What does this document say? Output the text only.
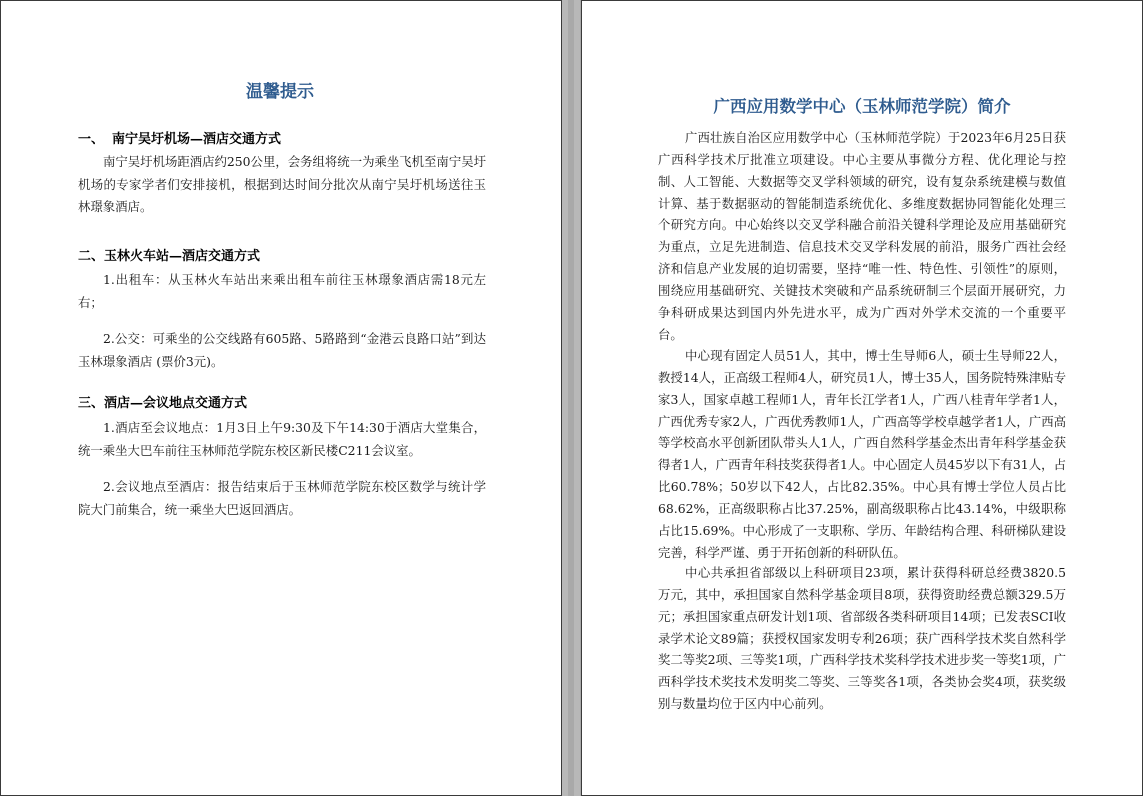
温馨提示
一、 南宁吴圩机场—酒店交通方式

南宁吴圩机场距酒店约250公里，会务组将统一为乘坐飞机至南宁吴圩机场的专家学者们安排接机，根据到达时间分批次从南宁吴圩机场送往玉林璟象酒店。

二、玉林火车站—酒店交通方式

1.出租车：从玉林火车站出来乘出租车前往玉林璟象酒店需18元左右；

2.公交：可乘坐的公交线路有605路、5路路到“金港云良路口站”到达玉林璟象酒店 (票价3元)。

三、酒店—会议地点交通方式

1.酒店至会议地点：1月3日上午9:30及下午14:30于酒店大堂集合，统一乘坐大巴车前往玉林师范学院东校区新民楼C211会议室。

2.会议地点至酒店：报告结束后于玉林师范学院东校区数学与统计学院大门前集合，统一乘坐大巴返回酒店。

广西应用数学中心（玉林师范学院）简介

广西壮族自治区应用数学中心（玉林师范学院）于2023年6月25日获广西科学技术厅批准立项建设。中心主要从事微分方程、优化理论与控制、人工智能、大数据等交叉学科领域的研究，设有复杂系统建模与数值计算、基于数据驱动的智能制造系统优化、多维度数据协同智能化处理三个研究方向。中心始终以交叉学科融合前沿关键科学理论及应用基础研究为重点，立足先进制造、信息技术交叉学科发展的前沿，服务广西社会经济和信息产业发展的迫切需要，坚持“唯一性、特色性、引领性”的原则，围绕应用基础研究、关键技术突破和产品系统研制三个层面开展研究，力争科研成果达到国内外先进水平，成为广西对外学术交流的一个重要平台。

中心现有固定人员51人，其中，博士生导师6人，硕士生导师22人，教授14人，正高级工程师4人，研究员1人，博士35人，国务院特殊津贴专家3人，国家卓越工程师1人，青年长江学者1人，广西八桂青年学者1人，广西优秀专家2人，广西优秀教师1人，广西高等学校卓越学者1人，广西高等学校高水平创新团队带头人1人，广西自然科学基金杰出青年科学基金获得者1人，广西青年科技奖获得者1人。中心固定人员45岁以下有31人，占比60.78%；50岁以下42人，占比82.35%。中心具有博士学位人员占比68.62%，正高级职称占比37.25%，副高级职称占比43.14%，中级职称占比15.69%。中心形成了一支职称、学历、年龄结构合理、科研梯队建设完善，科学严谨、勇于开拓创新的科研队伍。

中心共承担省部级以上科研项目23项，累计获得科研总经费3820.5万元，其中，承担国家自然科学基金项目8项，获得资助经费总额329.5万元；承担国家重点研发计划1项、省部级各类科研项目14项；已发表SCI收录学术论文89篇；获授权国家发明专利26项；获广西科学技术奖自然科学奖二等奖2项、三等奖1项，广西科学技术奖科学技术进步奖一等奖1项，广西科学技术奖技术发明奖二等奖、三等奖各1项，各类协会奖4项，获奖级别与数量均位于区内中心前列。
